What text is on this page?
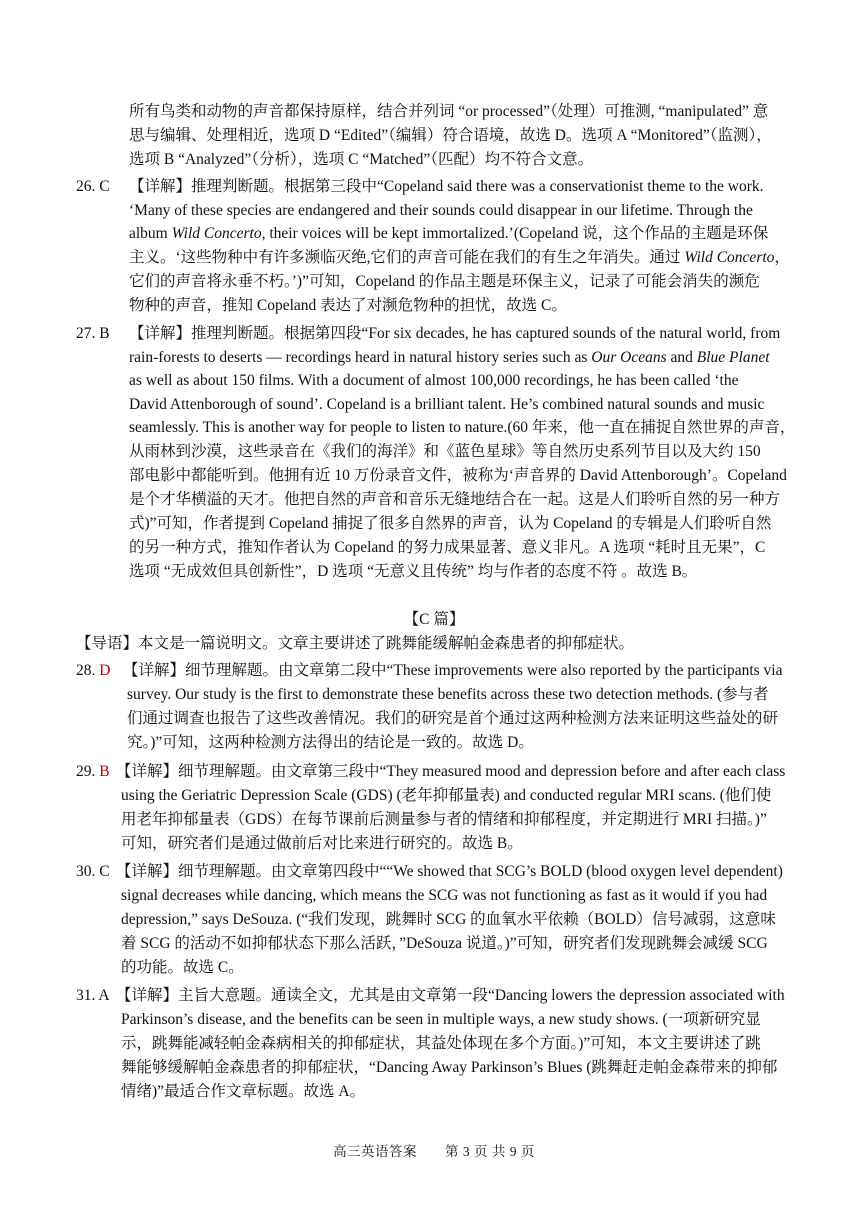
所有鸟类和动物的声音都保持原样，结合并列词 “or processed”（处理）可推测, “manipulated” 意
思与编辑、处理相近，选项 D “Edited”（编辑）符合语境，故选 D。选项 A “Monitored”（监测），
选项 B “Analyzed”（分析），选项 C “Matched”（匹配）均不符合文意。
26. C 【详解】推理判断题。根据第三段中“Copeland said there was a conservationist theme to the work.
‘Many of these species are endangered and their sounds could disappear in our lifetime. Through the
album Wild Concerto, their voices will be kept immortalized.’(Copeland 说，这个作品的主题是环保
主义。‘这些物种中有许多濒临灭绝,它们的声音可能在我们的有生之年消失。通过 Wild Concerto，
它们的声音将永垂不朽。’)”可知，Copeland 的作品主题是环保主义，记录了可能会消失的濒危
物种的声音，推知 Copeland 表达了对濒危物种的担忧，故选 C。
27. B 【详解】推理判断题。根据第四段“For six decades, he has captured sounds of the natural world, from
rain-forests to deserts — recordings heard in natural history series such as Our Oceans and Blue Planet
as well as about 150 films. With a document of almost 100,000 recordings, he has been called ‘the
David Attenborough of sound’. Copeland is a brilliant talent. He’s combined natural sounds and music
seamlessly. This is another way for people to listen to nature.(60 年来，他一直在捕捉自然世界的声音，
从雨林到沙漠，这些录音在《我们的海洋》和《蓝色星球》等自然历史系列节目以及大约 150
部电影中都能听到。他拥有近 10 万份录音文件，被称为‘声音界的 David Attenborough’。Copeland
是个才华横溢的天才。他把自然的声音和音乐无缝地结合在一起。这是人们聆听自然的另一种方
式)”可知，作者提到 Copeland 捕捉了很多自然界的声音，认为 Copeland 的专辑是人们聆听自然
的另一种方式，推知作者认为 Copeland 的努力成果显著、意义非凡。A 选项 “耗时且无果”，C
选项 “无成效但具创新性”，D 选项 “无意义且传统” 均与作者的态度不符 。故选 B。
【C 篇】
【导语】本文是一篇说明文。文章主要讲述了跳舞能缓解帕金森患者的抑郁症状。
28. D 【详解】细节理解题。由文章第二段中“These improvements were also reported by the participants via
survey. Our study is the first to demonstrate these benefits across these two detection methods. (参与者
们通过调查也报告了这些改善情况。我们的研究是首个通过这两种检测方法来证明这些益处的研
究。)”可知，这两种检测方法得出的结论是一致的。故选 D。
29. B 【详解】细节理解题。由文章第三段中“They measured mood and depression before and after each class
using the Geriatric Depression Scale (GDS) (老年抑郁量表) and conducted regular MRI scans. (他们使
用老年抑郁量表（GDS）在每节课前后测量参与者的情绪和抑郁程度，并定期进行 MRI 扫描。)”
可知，研究者们是通过做前后对比来进行研究的。故选 B。
30. C 【详解】细节理解题。由文章第四段中““We showed that SCG’s BOLD (blood oxygen level dependent)
signal decreases while dancing, which means the SCG was not functioning as fast as it would if you had
depression,” says DeSouza. (“我们发现，跳舞时 SCG 的血氧水平依赖（BOLD）信号减弱，这意味
着 SCG 的活动不如抑郁状态下那么活跃，”DeSouza 说道。)”可知，研究者们发现跳舞会减缓 SCG
的功能。故选 C。
31. A 【详解】主旨大意题。通读全文，尤其是由文章第一段“Dancing lowers the depression associated with
Parkinson’s disease, and the benefits can be seen in multiple ways, a new study shows. (一项新研究显
示，跳舞能减轻帕金森病相关的抑郁症状，其益处体现在多个方面。)”可知，本文主要讲述了跳
舞能够缓解帕金森患者的抑郁症状，“Dancing Away Parkinson’s Blues (跳舞赶走帕金森带来的抑郁
情绪)”最适合作文章标题。故选 A。
高三英语答案　　第 3 页 共 9 页
